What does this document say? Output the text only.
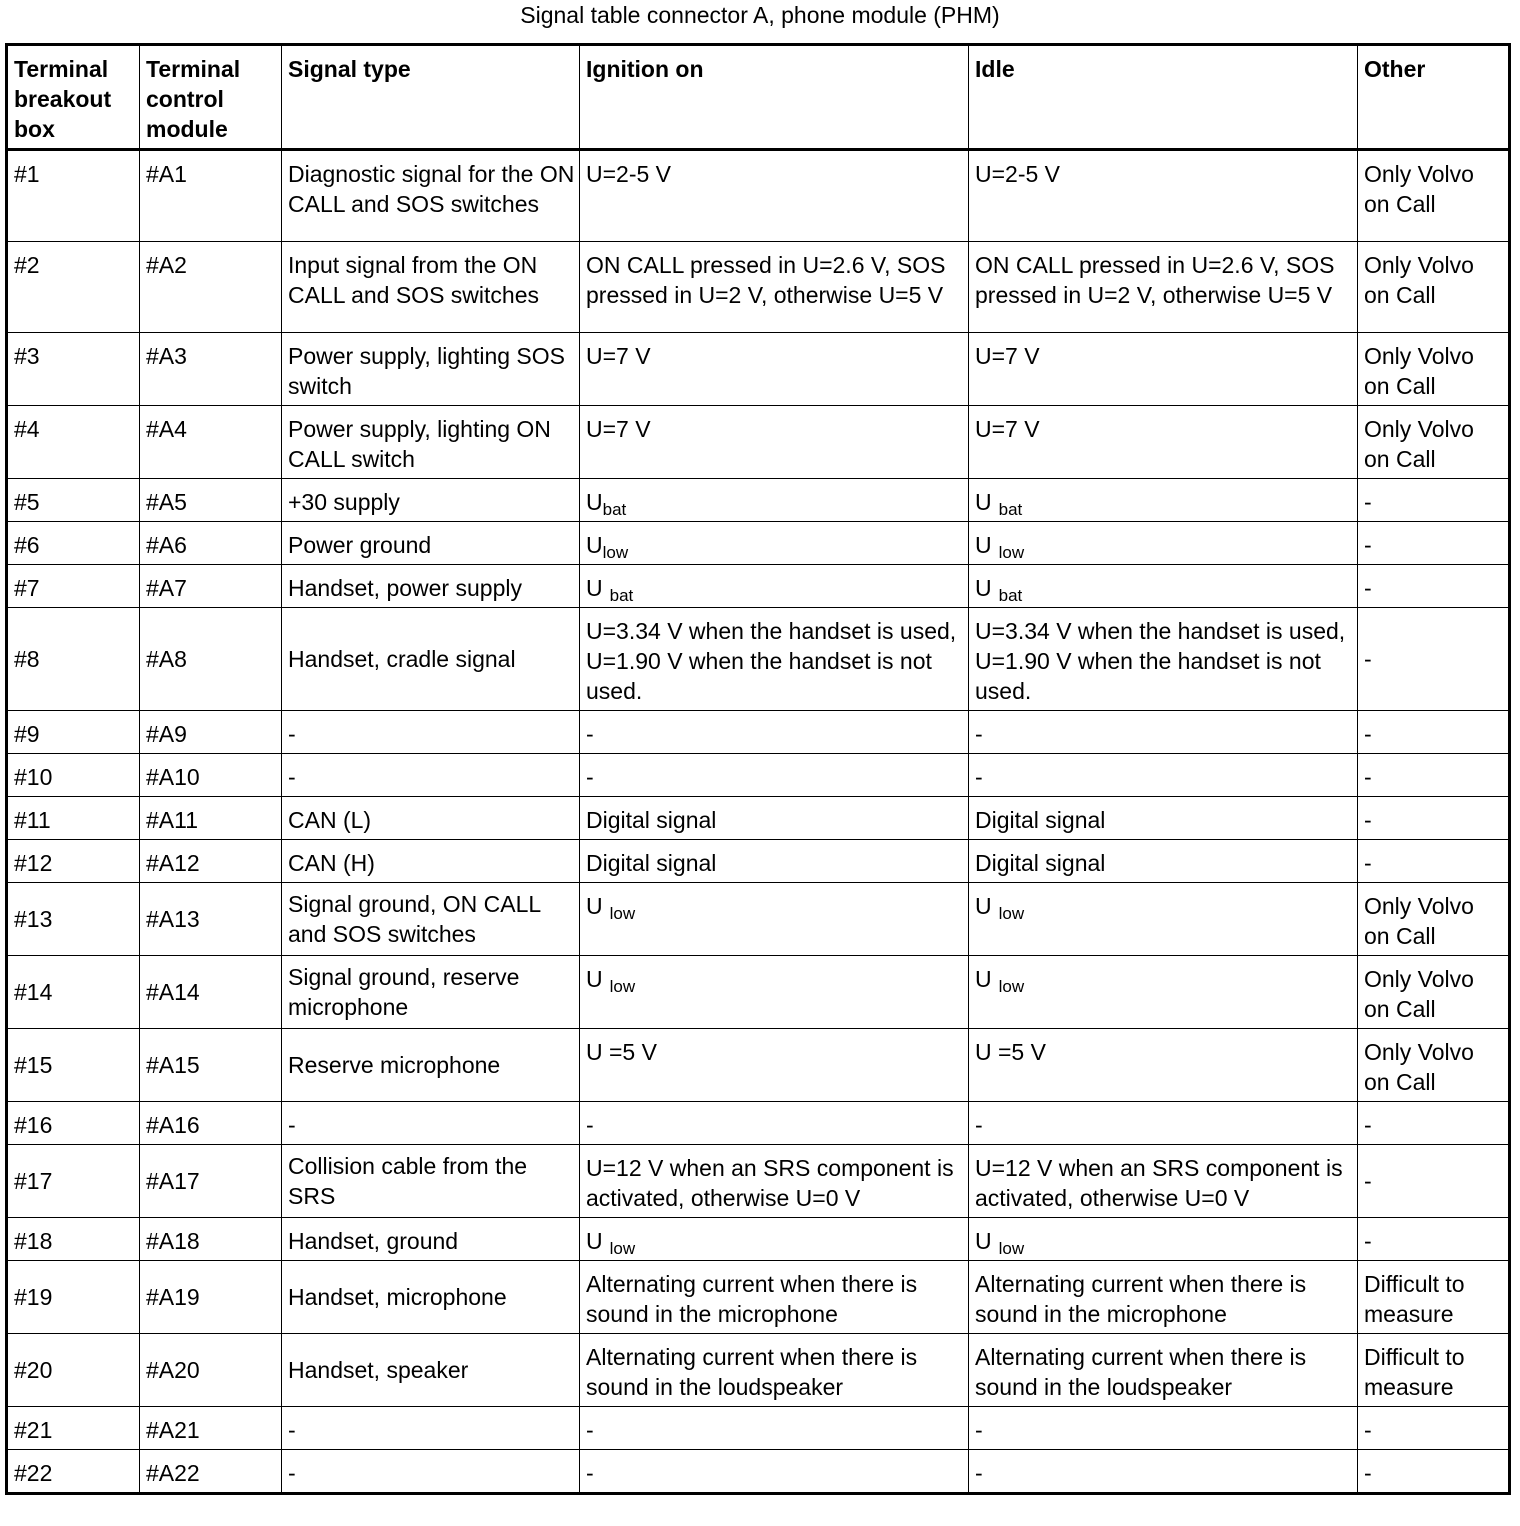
Signal table connector A, phone module (PHM)
Terminal breakout box	Terminal control module	Signal type	Ignition on	Idle	Other
#1	#A1	Diagnostic signal for the ON CALL and SOS switches	U=2-5 V	U=2-5 V	Only Volvo on Call
#2	#A2	Input signal from the ON CALL and SOS switches	ON CALL pressed in U=2.6 V, SOS pressed in U=2 V, otherwise U=5 V	ON CALL pressed in U=2.6 V, SOS pressed in U=2 V, otherwise U=5 V	Only Volvo on Call
#3	#A3	Power supply, lighting SOS switch	U=7 V	U=7 V	Only Volvo on Call
#4	#A4	Power supply, lighting ON CALL switch	U=7 V	U=7 V	Only Volvo on Call
#5	#A5	+30 supply	$U_{bat}$	U $_{bat}$	-
#6	#A6	Power ground	$U_{low}$	U $_{low}$	-
#7	#A7	Handset, power supply	U $_{bat}$	U $_{bat}$	-
#8	#A8	Handset, cradle signal	U=3.34 V when the handset is used, U=1.90 V when the handset is not used.	U=3.34 V when the handset is used, U=1.90 V when the handset is not used.	-
#9	#A9	-	-	-	-
#10	#A10	-	-	-	-
#11	#A11	CAN (L)	Digital signal	Digital signal	-
#12	#A12	CAN (H)	Digital signal	Digital signal	-
#13	#A13	Signal ground, ON CALL and SOS switches	U $_{low}$	U $_{low}$	Only Volvo on Call
#14	#A14	Signal ground, reserve microphone	U $_{low}$	U $_{low}$	Only Volvo on Call
#15	#A15	Reserve microphone	U =5 V	U =5 V	Only Volvo on Call
#16	#A16	-	-	-	-
#17	#A17	Collision cable from the SRS	U=12 V when an SRS component is activated, otherwise U=0 V	U=12 V when an SRS component is activated, otherwise U=0 V	-
#18	#A18	Handset, ground	U $_{low}$	U $_{low}$	-
#19	#A19	Handset, microphone	Alternating current when there is sound in the microphone	Alternating current when there is sound in the microphone	Difficult to measure
#20	#A20	Handset, speaker	Alternating current when there is sound in the loudspeaker	Alternating current when there is sound in the loudspeaker	Difficult to measure
#21	#A21	-	-	-	-
#22	#A22	-	-	-	-
